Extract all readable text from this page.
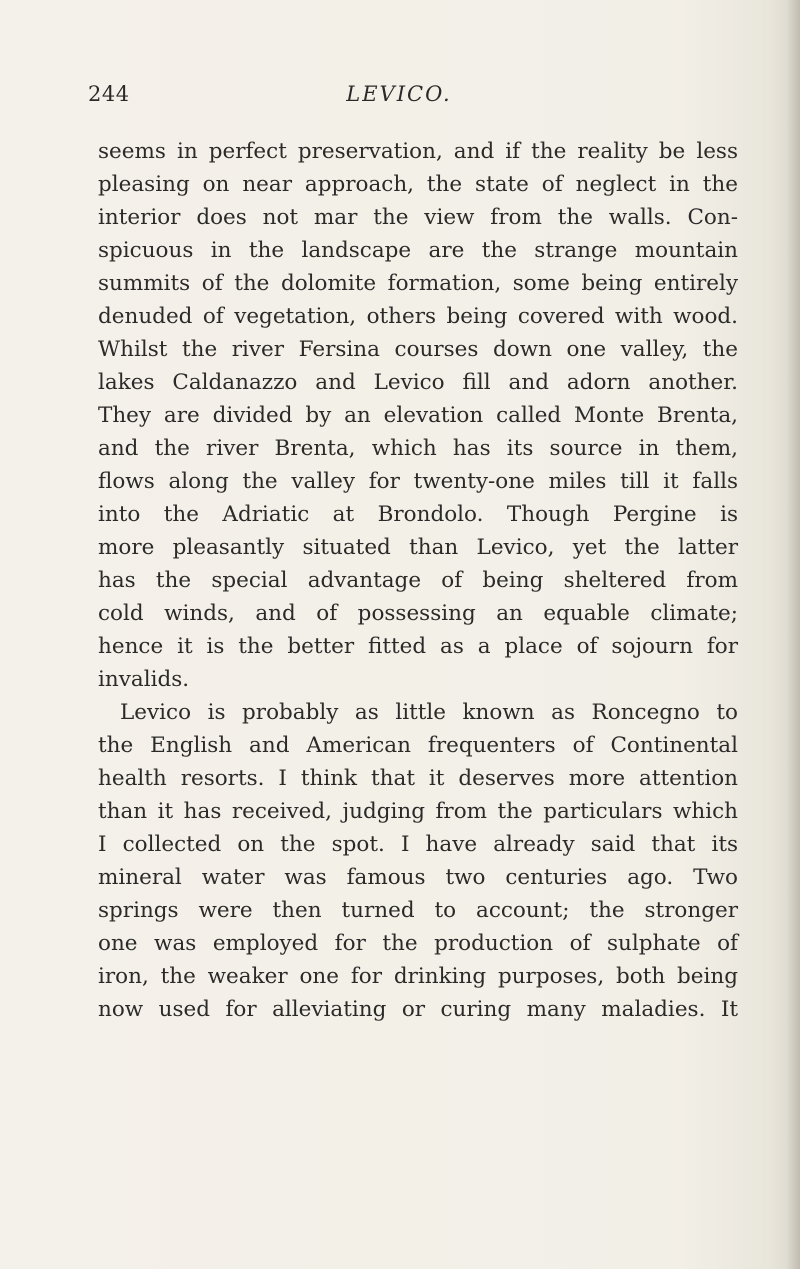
244	LEVICO.
seems in perfect preservation, and if the reality be less
pleasing on near approach, the state of neglect in the
interior does not mar the view from the walls. Con-
spicuous in the landscape are the strange mountain
summits of the dolomite formation, some being entirely
denuded of vegetation, others being covered with wood.
Whilst the river Fersina courses down one valley, the
lakes Caldanazzo and Levico fill and adorn another.
They are divided by an elevation called Monte Brenta,
and the river Brenta, which has its source in them,
flows along the valley for twenty-one miles till it falls
into the Adriatic at Brondolo. Though Pergine is
more pleasantly situated than Levico, yet the latter
has the special advantage of being sheltered from
cold winds, and of possessing an equable climate;
hence it is the better fitted as a place of sojourn for
invalids.
Levico is probably as little known as Roncegno to
the English and American frequenters of Continental
health resorts. I think that it deserves more attention
than it has received, judging from the particulars which
I collected on the spot. I have already said that its
mineral water was famous two centuries ago. Two
springs were then turned to account; the stronger
one was employed for the production of sulphate of
iron, the weaker one for drinking purposes, both being
now used for alleviating or curing many maladies. It
